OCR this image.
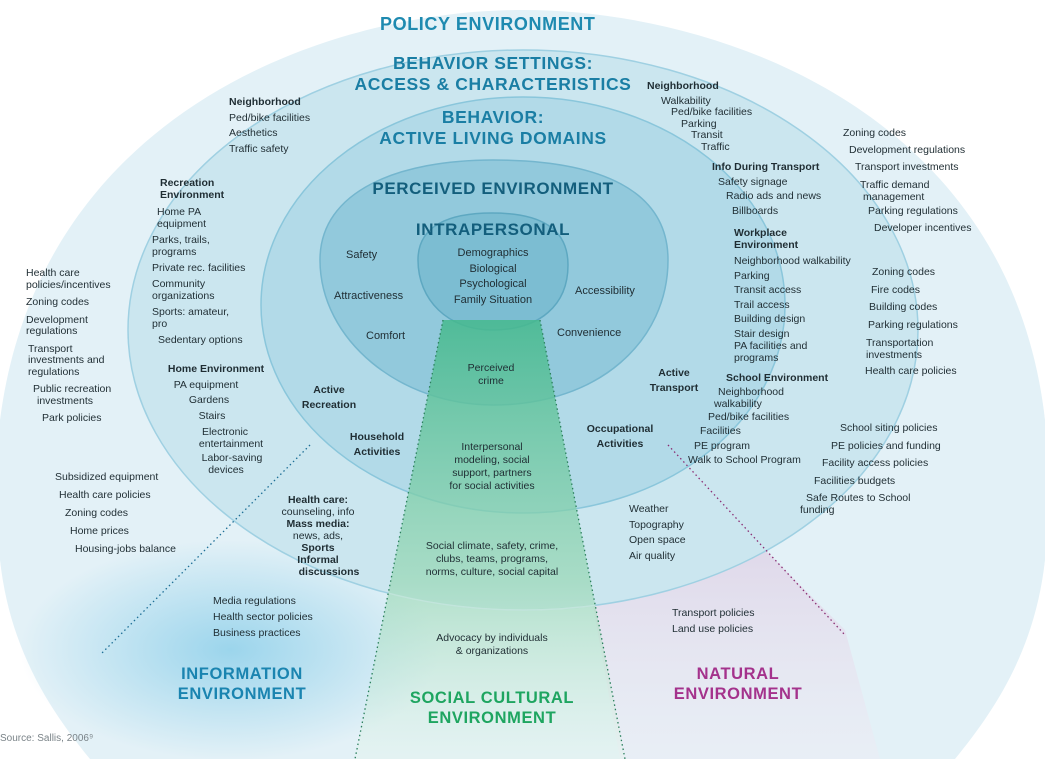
POLICY ENVIRONMENT
BEHAVIOR SETTINGS:
ACCESS & CHARACTERISTICS
BEHAVIOR:
ACTIVE LIVING DOMAINS
PERCEIVED ENVIRONMENT
INTRAPERSONAL
Demographics
Biological
Psychological
Family Situation
Safety
Attractiveness
Comfort
Accessibility
Convenience
Active
Recreation
Household
Activities
Occupational
Activities
Active
Transport
Perceived
crime
Interpersonal
modeling, social
support, partners
for social activities
Social climate, safety, crime,
clubs, teams, programs,
norms, culture, social capital
Advocacy by individuals
& organizations
Health care:
counseling, info
Mass media:
news, ads,
Sports
Informal
discussions
Weather
Topography
Open space
Air quality
Neighborhood
Ped/bike facilities
Aesthetics
Traffic safety
Recreation
Environment
Home PA
equipment
Parks, trails,
programs
Private rec. facilities
Community
organizations
Sports: amateur,
pro
Sedentary options
Home Environment
PA equipment
Gardens
Stairs
Electronic
entertainment
Labor-saving
devices
Neighborhood
Walkability
Ped/bike facilities
Parking
Transit
Traffic
Info During Transport
Safety signage
Radio ads and news
Billboards
Workplace
Environment
Neighborhood walkability
Parking
Transit access
Trail access
Building design
Stair design
PA facilities and
programs
School Environment
Neighborhood
walkability
Ped/bike facilities
Facilities
PE program
Walk to School Program
Health care
policies/incentives
Zoning codes
Development
regulations
Transport
investments and
regulations
Public recreation
investments
Park policies
Subsidized equipment
Health care policies
Zoning codes
Home prices
Housing-jobs balance
Zoning codes
Development regulations
Transport investments
Traffic demand
management
Parking regulations
Developer incentives
Zoning codes
Fire codes
Building codes
Parking regulations
Transportation
investments
Health care policies
School siting policies
PE policies and funding
Facility access policies
Facilities budgets
Safe Routes to School
funding
Media regulations
Health sector policies
Business practices
Transport policies
Land use policies
INFORMATION
ENVIRONMENT	SOCIAL CULTURAL
ENVIRONMENT
NATURAL
ENVIRONMENT
Source: Sallis, 2006⁹
